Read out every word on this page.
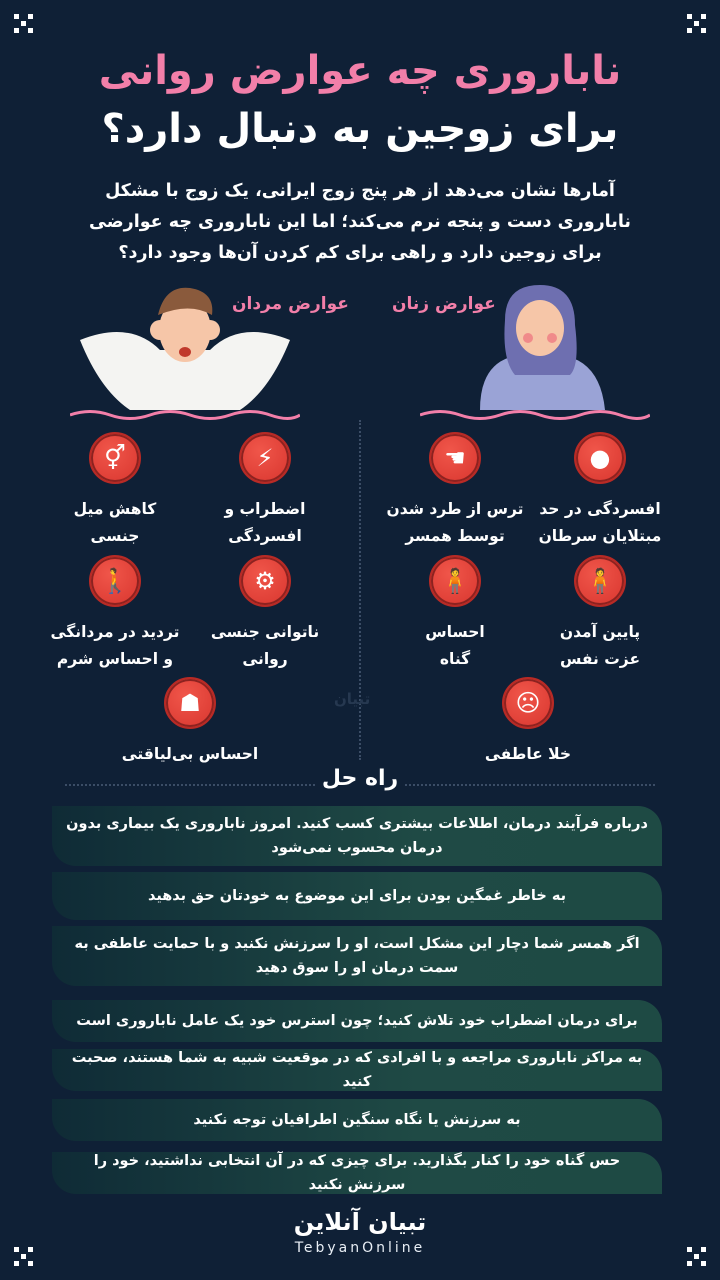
ناباروری چه عوارض روانی
برای زوجین به دنبال دارد؟
آمارها نشان می‌دهد از هر پنج زوج ایرانی، یک زوج با مشکل
ناباروری دست و پنجه نرم می‌کند؛ اما این ناباروری چه عوارضی
برای زوجین دارد و راهی برای کم کردن آن‌ها وجود دارد؟
عوارض مردان	عوارض زنان
تبیان
⚡
اضطراب و
افسردگی
⚥
کاهش میل
جنسی
⚙
ناتوانی جنسی
روانی
🚶
تردید در مردانگی
و احساس شرم
☗
احساس بی‌لیاقتی
●
افسردگی در حد
مبتلایان سرطان
☚
ترس از طرد شدن
توسط همسر
🧍
پایین آمدن
عزت نفس
🧍
احساس
گناه
☹
خلا عاطفی
راه حل
درباره فرآیند درمان، اطلاعات بیشتری کسب کنید. امروز ناباروری یک بیماری بدون درمان محسوب نمی‌شود
به خاطر غمگین بودن برای این موضوع به خودتان حق بدهید
اگر همسر شما دچار این مشکل است، او را سرزنش نکنید و با حمایت عاطفی به سمت درمان او را سوق دهید
برای درمان اضطراب خود تلاش کنید؛ چون استرس خود یک عامل ناباروری است
به مراکز ناباروری مراجعه و با افرادی که در موقعیت شبیه به شما هستند، صحبت کنید
به سرزنش یا نگاه سنگین اطرافیان توجه نکنید
حس گناه خود را کنار بگذارید. برای چیزی که در آن انتخابی نداشتید، خود را سرزنش نکنید
تبیان آنلاین
TebyanOnline
